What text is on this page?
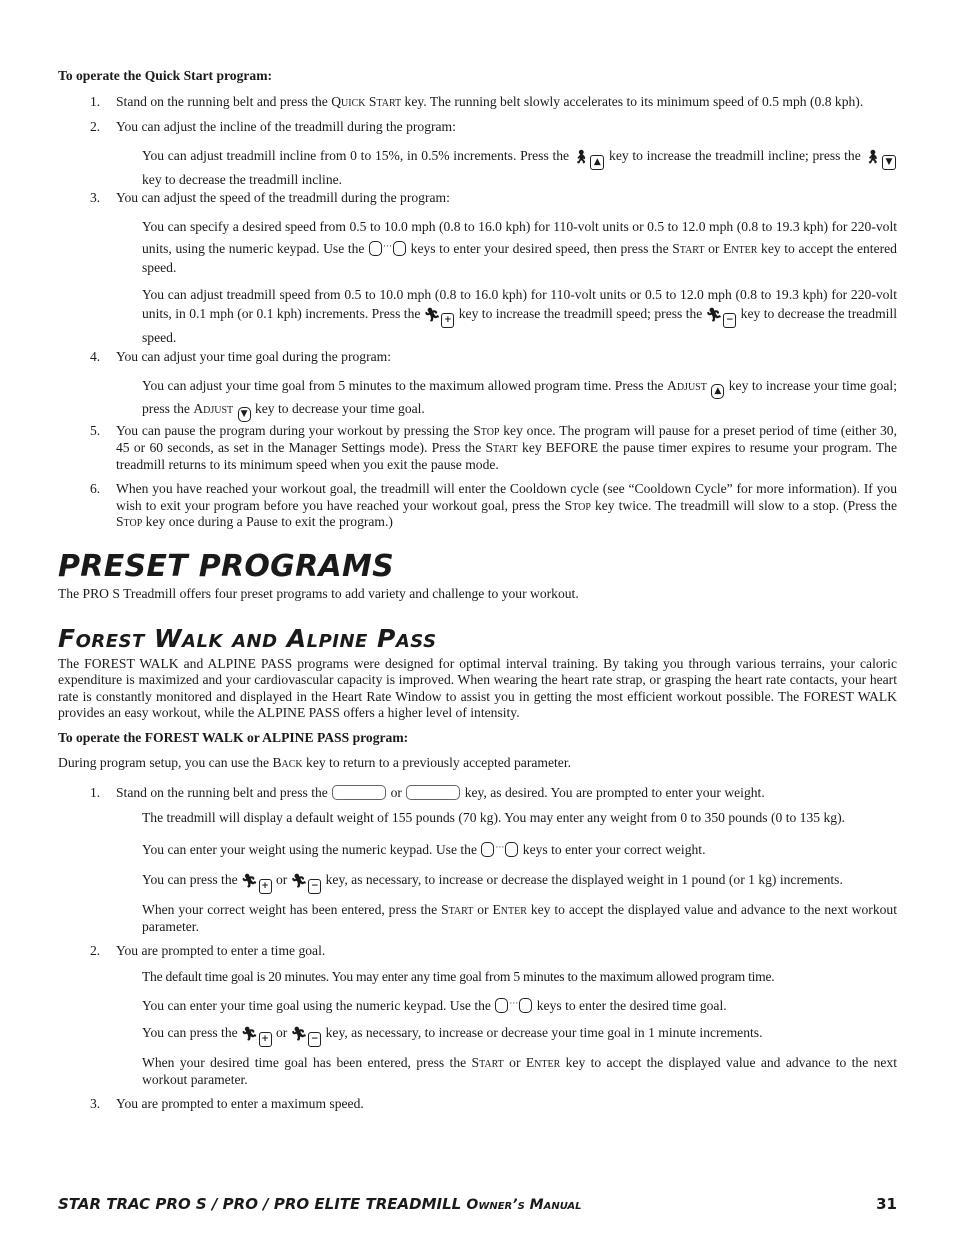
To operate the Quick Start program:

1. Stand on the running belt and press the Quick Start key. The running belt slowly accelerates to its minimum speed of 0.5 mph (0.8 kph).

2. You can adjust the incline of the treadmill during the program:

You can adjust treadmill incline from 0 to 15%, in 0.5% increments. Press the 🚶︎ ▲ key to increase the treadmill incline; press the 🚶︎ ▼ key to decrease the treadmill incline.

3. You can adjust the speed of the treadmill during the program:

You can specify a desired speed from 0.5 to 10.0 mph (0.8 to 16.0 kph) for 110-volt units or 0.5 to 12.0 mph (0.8 to 19.3 kph) for 220-volt units, using the numeric keypad. Use the ··· keys to enter your desired speed, then press the Start or Enter key to accept the entered speed.

You can adjust treadmill speed from 0.5 to 10.0 mph (0.8 to 16.0 kph) for 110-volt units or 0.5 to 12.0 mph (0.8 to 19.3 kph) for 220-volt units, in 0.1 mph (or 0.1 kph) increments. Press the 🏃︎ + key to increase the treadmill speed; press the 🏃︎ − key to decrease the treadmill speed.

4. You can adjust your time goal during the program:

You can adjust your time goal from 5 minutes to the maximum allowed program time. Press the Adjust ▲ key to increase your time goal; press the Adjust ▼ key to decrease your time goal.

5. You can pause the program during your workout by pressing the Stop key once. The program will pause for a preset period of time (either 30, 45 or 60 seconds, as set in the Manager Settings mode). Press the Start key BEFORE the pause timer expires to resume your program. The treadmill returns to its minimum speed when you exit the pause mode.

6. When you have reached your workout goal, the treadmill will enter the Cooldown cycle (see “Cooldown Cycle” for more information). If you wish to exit your program before you have reached your workout goal, press the Stop key twice. The treadmill will slow to a stop. (Press the Stop key once during a Pause to exit the program.)

PRESET PROGRAMS

The PRO S Treadmill offers four preset programs to add variety and challenge to your workout.

Forest Walk and Alpine Pass

The FOREST WALK and ALPINE PASS programs were designed for optimal interval training. By taking you through various terrains, your caloric expenditure is maximized and your cardiovascular capacity is improved. When wearing the heart rate strap, or grasping the heart rate contacts, your heart rate is constantly monitored and displayed in the Heart Rate Window to assist you in getting the most efficient workout possible. The FOREST WALK provides an easy workout, while the ALPINE PASS offers a higher level of intensity.

To operate the FOREST WALK or ALPINE PASS program:

During program setup, you can use the Back key to return to a previously accepted parameter.

1. Stand on the running belt and press the	or	key, as desired. You are prompted to enter your weight.

The treadmill will display a default weight of 155 pounds (70 kg). You may enter any weight from 0 to 350 pounds (0 to 135 kg).

You can enter your weight using the numeric keypad. Use the ··· keys to enter your correct weight.

You can press the 🏃︎ + or 🏃︎ − key, as necessary, to increase or decrease the displayed weight in 1 pound (or 1 kg) increments.

When your correct weight has been entered, press the Start or Enter key to accept the displayed value and advance to the next workout parameter.

2. You are prompted to enter a time goal.

The default time goal is 20 minutes. You may enter any time goal from 5 minutes to the maximum allowed program time.

You can enter your time goal using the numeric keypad. Use the ··· keys to enter the desired time goal.

You can press the 🏃︎ + or 🏃︎ − key, as necessary, to increase or decrease your time goal in 1 minute increments.

When your desired time goal has been entered, press the Start or Enter key to accept the displayed value and advance to the next workout parameter.

3. You are prompted to enter a maximum speed.

STAR TRAC PRO S / PRO / PRO ELITE TREADMILL Owner’s Manual	31
